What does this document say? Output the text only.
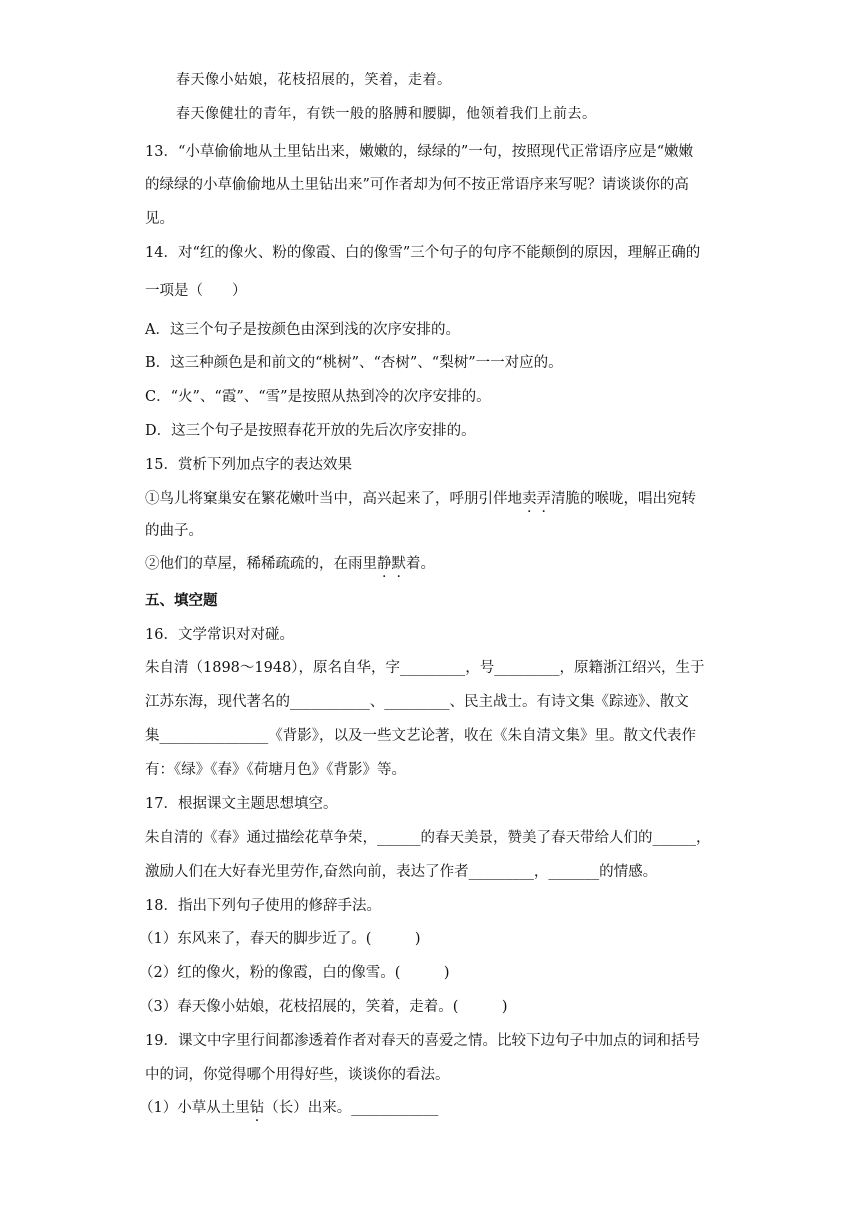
春天像小姑娘，花枝招展的，笑着，走着。
春天像健壮的青年，有铁一般的胳膊和腰脚，他领着我们上前去。
13．“小草偷偷地从土里钻出来，嫩嫩的，绿绿的”一句，按照现代正常语序应是“嫩嫩
的绿绿的小草偷偷地从土里钻出来”可作者却为何不按正常语序来写呢？请谈谈你的高
见。
14．对“红的像火、粉的像霞、白的像雪”三个句子的句序不能颠倒的原因，理解正确的
一项是（　　）
A．这三个句子是按颜色由深到浅的次序安排的。
B．这三种颜色是和前文的“桃树”、“杏树”、“梨树”一一对应的。
C．“火”、“霞”、“雪”是按照从热到冷的次序安排的。
D．这三个句子是按照春花开放的先后次序安排的。
15．赏析下列加点字的表达效果
①鸟儿将窠巢安在繁花嫩叶当中，高兴起来了，呼朋引伴地卖弄清脆的喉咙，唱出宛转
的曲子。
②他们的草屋，稀稀疏疏的，在雨里静默着。
五、填空题
16．文学常识对对碰。
朱自清（1898～1948），原名自华，字_________，号_________，原籍浙江绍兴，生于
江苏东海，现代著名的___________、_________、民主战士。有诗文集《踪迹》、散文
集_______________《背影》，以及一些文艺论著，收在《朱自清文集》里。散文代表作
有：《绿》《春》《荷塘月色》《背影》等。
17．根据课文主题思想填空。
朱自清的《春》通过描绘花草争荣，______的春天美景，赞美了春天带给人们的______，
激励人们在大好春光里劳作,奋然向前，表达了作者_________，_______的情感。
18．指出下列句子使用的修辞手法。
（1）东风来了，春天的脚步近了。(　　　)
（2）红的像火，粉的像霞，白的像雪。(　　　)
（3）春天像小姑娘，花枝招展的，笑着，走着。(　　　)
19．课文中字里行间都渗透着作者对春天的喜爱之情。比较下边句子中加点的词和括号
中的词，你觉得哪个用得好些，谈谈你的看法。
（1）小草从土里钻（长）出来。____________
